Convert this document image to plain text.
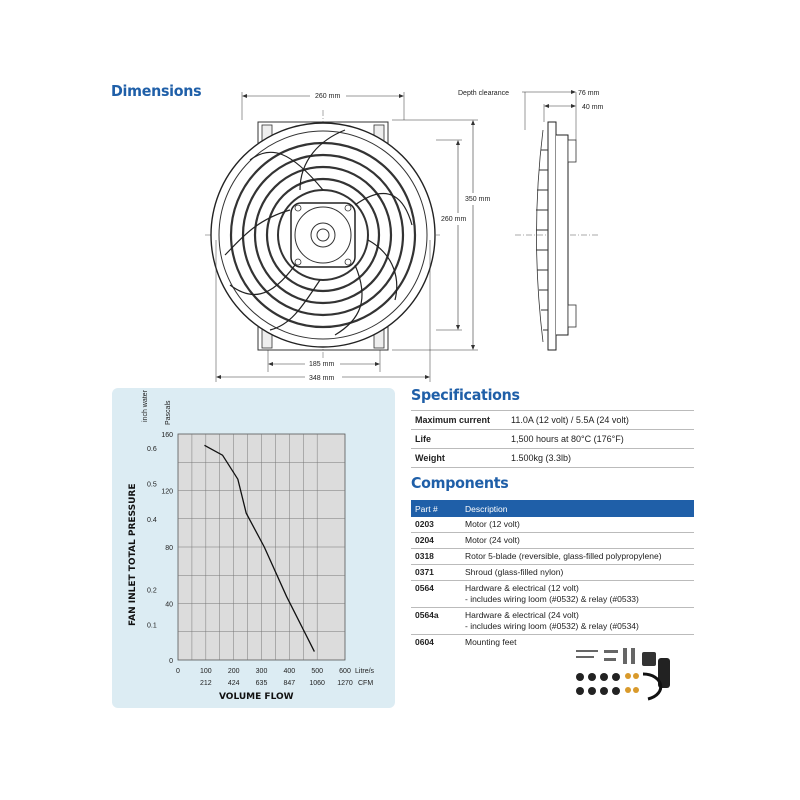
Dimensions	260 mm
350 mm
260 mm
185 mm
348 mm
Depth clearance	76 mm
40 mm
0	100 200 300 400 500 600
212 424 635 847 1060 1270
0
40
80
120
160
0.1
0.2
0.4
0.5
0.6
inch water Pascals
FAN INLET TOTAL PRESSURE
Litre/s
CFM
VOLUME FLOW
Specifications
Maximum current	11.0A (12 volt) / 5.5A (24 volt)
Life	1,500 hours at 80°C (176°F)
Weight	1.500kg (3.3lb)
Components
Part #	Description
0203	Motor (12 volt)
0204	Motor (24 volt)
0318	Rotor 5-blade (reversible, glass-filled polypropylene)
0371	Shroud (glass-filled nylon)
0564	Hardware & electrical (12 volt)
- includes wiring loom (#0532) & relay (#0533)

0564a	Hardware & electrical (24 volt)
- includes wiring loom (#0532) & relay (#0534)

0604	Mounting feet
